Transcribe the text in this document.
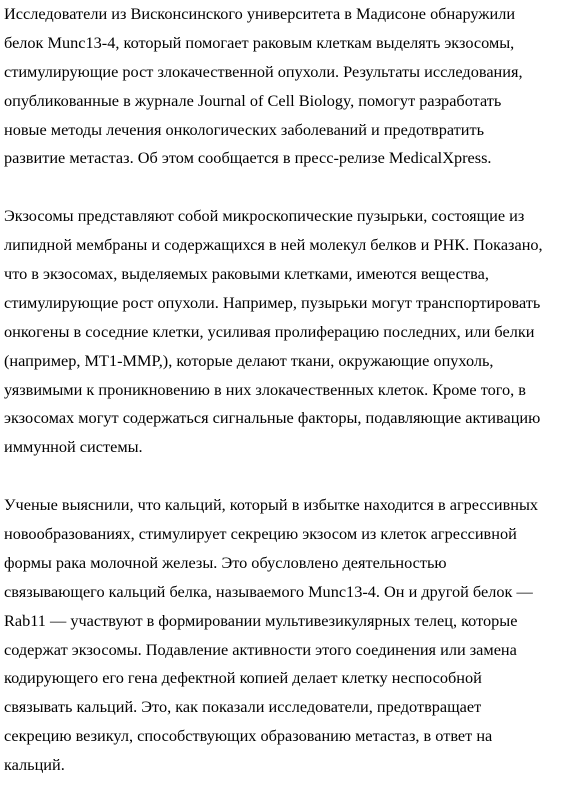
Исследователи из Висконсинского университета в Мадисоне обнаружили
белок Munc13-4, который помогает раковым клеткам выделять экзосомы,
стимулирующие рост злокачественной опухоли. Результаты исследования,
опубликованные в журнале Journal of Cell Biology, помогут разработать
новые методы лечения онкологических заболеваний и предотвратить
развитие метастаз. Об этом сообщается в пресс-релизе MedicalXpress.
Экзосомы представляют собой микроскопические пузырьки, состоящие из
липидной мембраны и содержащихся в ней молекул белков и РНК. Показано,
что в экзосомах, выделяемых раковыми клетками, имеются вещества,
стимулирующие рост опухоли. Например, пузырьки могут транспортировать
онкогены в соседние клетки, усиливая пролиферацию последних, или белки
(например, MT1-MMP,), которые делают ткани, окружающие опухоль,
уязвимыми к проникновению в них злокачественных клеток. Кроме того, в
экзосомах могут содержаться сигнальные факторы, подавляющие активацию
иммунной системы.
Ученые выяснили, что кальций, который в избытке находится в агрессивных
новообразованиях, стимулирует секрецию экзосом из клеток агрессивной
формы рака молочной железы. Это обусловлено деятельностью
связывающего кальций белка, называемого Munc13-4. Он и другой белок —
Rab11 — участвуют в формировании мультивезикулярных телец, которые
содержат экзосомы. Подавление активности этого соединения или замена
кодирующего его гена дефектной копией делает клетку неспособной
связывать кальций. Это, как показали исследователи, предотвращает
секрецию везикул, способствующих образованию метастаз, в ответ на
кальций.
